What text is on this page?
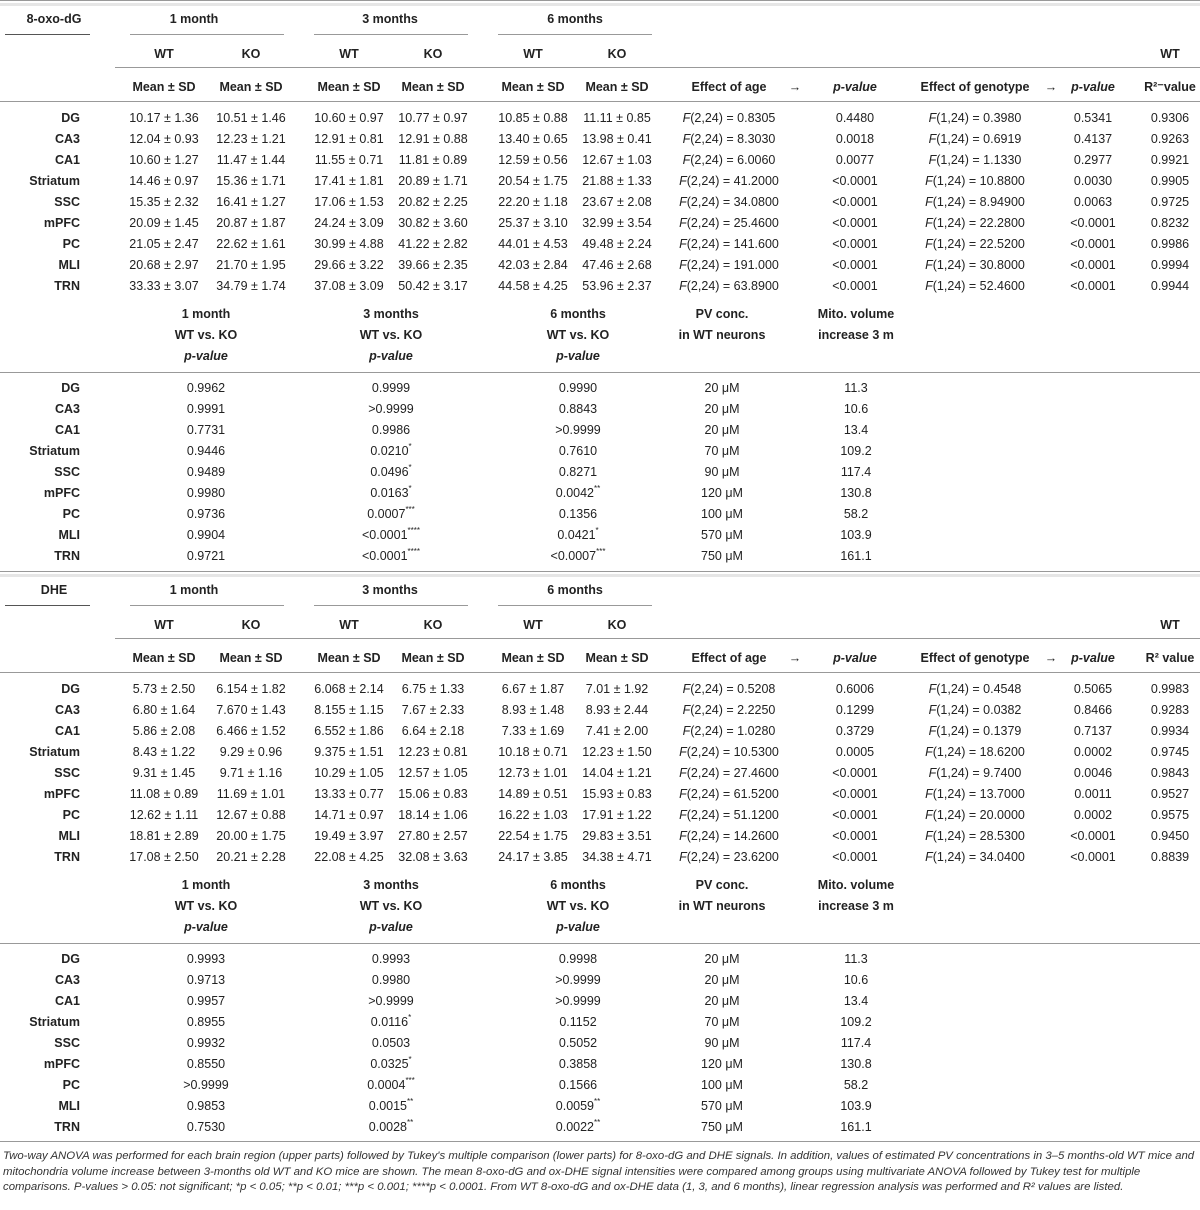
8-oxo-dG	1 month	3 months	6 months
WT	KO	WT	KO	WT	KO	WT
Mean ± SD Mean ± SD	Mean ± SD Mean ± SD	Mean ± SD Mean ± SD	Effect of age →	p-value	Effect of genotype → p-value R²⁻value
DG	10.17 ± 1.36 10.51 ± 1.46 10.60 ± 0.97 10.77 ± 0.97 10.85 ± 0.88 11.11 ± 0.85	F(2,24) = 0.8305	0.4480	F(1,24) = 0.3980	0.5341	0.9306
CA3	12.04 ± 0.93 12.23 ± 1.21 12.91 ± 0.81 12.91 ± 0.88 13.40 ± 0.65 13.98 ± 0.41 F(2,24) = 8.3030	0.0018	F(1,24) = 0.6919	0.4137	0.9263
CA1	10.60 ± 1.27 11.47 ± 1.44 11.55 ± 0.71 11.81 ± 0.89 12.59 ± 0.56 12.67 ± 1.03 F(2,24) = 6.0060	0.0077	F(1,24) = 1.1330	0.2977	0.9921
Striatum	14.46 ± 0.97 15.36 ± 1.71 17.41 ± 1.81 20.89 ± 1.71 20.54 ± 1.75 21.88 ± 1.33 F(2,24) = 41.2000	<0.0001	F(1,24) = 10.8800	0.0030	0.9905
SSC	15.35 ± 2.32 16.41 ± 1.27 17.06 ± 1.53 20.82 ± 2.25 22.20 ± 1.18 23.67 ± 2.08 F(2,24) = 34.0800	<0.0001	F(1,24) = 8.94900	0.0063	0.9725
mPFC	20.09 ± 1.45 20.87 ± 1.87 24.24 ± 3.09 30.82 ± 3.60 25.37 ± 3.10 32.99 ± 3.54 F(2,24) = 25.4600	<0.0001	F(1,24) = 22.2800	<0.0001	0.8232
PC	21.05 ± 2.47 22.62 ± 1.61 30.99 ± 4.88 41.22 ± 2.82 44.01 ± 4.53 49.48 ± 2.24 F(2,24) = 141.600	<0.0001	F(1,24) = 22.5200	<0.0001	0.9986
MLI	20.68 ± 2.97 21.70 ± 1.95 29.66 ± 3.22 39.66 ± 2.35 42.03 ± 2.84 47.46 ± 2.68 F(2,24) = 191.000	<0.0001	F(1,24) = 30.8000	<0.0001	0.9994
TRN	33.33 ± 3.07 34.79 ± 1.74 37.08 ± 3.09 50.42 ± 3.17 44.58 ± 4.25 53.96 ± 2.37 F(2,24) = 63.8900	<0.0001	F(1,24) = 52.4600	<0.0001	0.9944
1 month	3 months	6 months	PV conc.	Mito. volume
WT vs. KO	WT vs. KO	WT vs. KO	in WT neurons	increase 3 m
p-value	p-value	p-value
DG	0.9962	0.9999	0.9990	20 μM	11.3
CA3	0.9991	>0.9999	0.8843	20 μM	10.6
CA1	0.7731	0.9986	>0.9999	20 μM	13.4
Striatum	0.9446	0.0210*	0.7610	70 μM	109.2
SSC	0.9489	0.0496*	0.8271	90 μM	117.4
mPFC	0.9980	0.0163*	0.0042**	120 μM	130.8
PC	0.9736	0.0007***	0.1356	100 μM	58.2
MLI	0.9904	<0.0001****	0.0421*	570 μM	103.9
TRN	0.9721	<0.0001****	<0.0007***	750 μM	161.1
DHE	1 month	3 months	6 months
WT	KO	WT	KO	WT	KO	WT
Mean ± SD Mean ± SD	Mean ± SD Mean ± SD	Mean ± SD Mean ± SD	Effect of age →	p-value	Effect of genotype → p-value R² value
DG	5.73 ± 2.50 6.154 ± 1.82 6.068 ± 2.14 6.75 ± 1.33	6.67 ± 1.87 7.01 ± 1.92	F(2,24) = 0.5208	0.6006	F(1,24) = 0.4548	0.5065	0.9983
CA3	6.80 ± 1.64 7.670 ± 1.43 8.155 ± 1.15 7.67 ± 2.33	8.93 ± 1.48 8.93 ± 2.44	F(2,24) = 2.2250	0.1299	F(1,24) = 0.0382	0.8466	0.9283
CA1	5.86 ± 2.08 6.466 ± 1.52 6.552 ± 1.86 6.64 ± 2.18	7.33 ± 1.69 7.41 ± 2.00	F(2,24) = 1.0280	0.3729	F(1,24) = 0.1379	0.7137	0.9934
Striatum	8.43 ± 1.22 9.29 ± 0.96	9.375 ± 1.51 12.23 ± 0.81 10.18 ± 0.71 12.23 ± 1.50 F(2,24) = 10.5300	0.0005	F(1,24) = 18.6200	0.0002	0.9745
SSC	9.31 ± 1.45 9.71 ± 1.16	10.29 ± 1.05 12.57 ± 1.05 12.73 ± 1.01 14.04 ± 1.21 F(2,24) = 27.4600	<0.0001	F(1,24) = 9.7400	0.0046	0.9843
mPFC	11.08 ± 0.89 11.69 ± 1.01 13.33 ± 0.77 15.06 ± 0.83 14.89 ± 0.51 15.93 ± 0.83 F(2,24) = 61.5200	<0.0001	F(1,24) = 13.7000	0.0011	0.9527
PC	12.62 ± 1.11 12.67 ± 0.88 14.71 ± 0.97 18.14 ± 1.06 16.22 ± 1.03 17.91 ± 1.22 F(2,24) = 51.1200	<0.0001	F(1,24) = 20.0000	0.0002	0.9575
MLI	18.81 ± 2.89 20.00 ± 1.75 19.49 ± 3.97 27.80 ± 2.57 22.54 ± 1.75 29.83 ± 3.51 F(2,24) = 14.2600	<0.0001	F(1,24) = 28.5300	<0.0001	0.9450
TRN	17.08 ± 2.50 20.21 ± 2.28 22.08 ± 4.25 32.08 ± 3.63 24.17 ± 3.85 34.38 ± 4.71 F(2,24) = 23.6200	<0.0001	F(1,24) = 34.0400	<0.0001	0.8839
1 month	3 months	6 months	PV conc.	Mito. volume
WT vs. KO	WT vs. KO	WT vs. KO	in WT neurons	increase 3 m
p-value	p-value	p-value
DG	0.9993	0.9993	0.9998	20 μM	11.3
CA3	0.9713	0.9980	>0.9999	20 μM	10.6
CA1	0.9957	>0.9999	>0.9999	20 μM	13.4
Striatum	0.8955	0.0116*	0.1152	70 μM	109.2
SSC	0.9932	0.0503	0.5052	90 μM	117.4
mPFC	0.8550	0.0325*	0.3858	120 μM	130.8
PC	>0.9999	0.0004***	0.1566	100 μM	58.2
MLI	0.9853	0.0015**	0.0059**	570 μM	103.9
TRN	0.7530	0.0028**	0.0022**	750 μM	161.1
Two-way ANOVA was performed for each brain region (upper parts) followed by Tukey's multiple comparison (lower parts) for 8-oxo-dG and DHE signals. In addition, values of estimated PV concentrations in 3–5 months-old WT mice and mitochondria volume increase between 3-months old WT and KO mice are shown. The mean 8-oxo-dG and ox-DHE signal intensities were compared among groups using multivariate ANOVA followed by Tukey test for multiple comparisons. P-values > 0.05: not significant; *p < 0.05; **p < 0.01; ***p < 0.001; ****p < 0.0001. From WT 8-oxo-dG and ox-DHE data (1, 3, and 6 months), linear regression analysis was performed and R² values are listed.
